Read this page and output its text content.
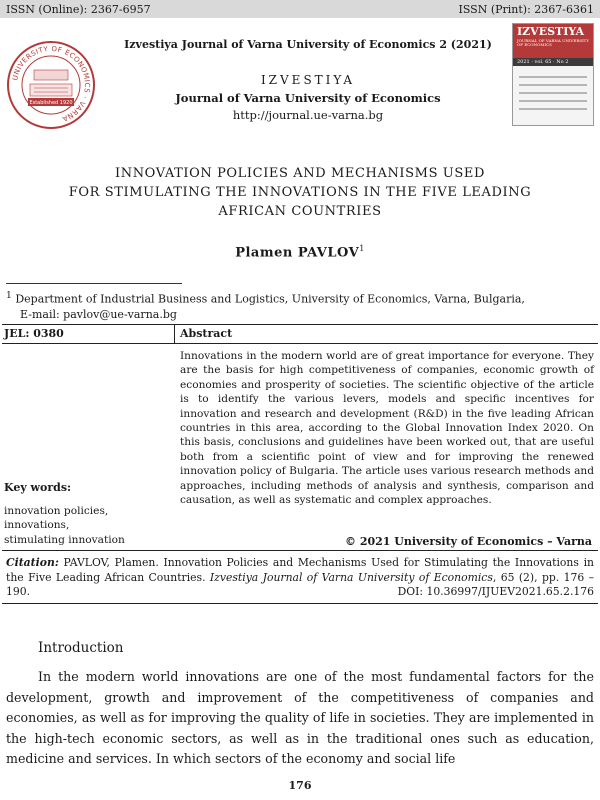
ISSN (Online): 2367-6957	ISSN (Print): 2367-6361
UNIVERSITY OF ECONOMICS · VARNA
Established 1920
IZVESTIYA
JOURNAL OF VARNA UNIVERSITY OF ECONOMICS
2021 · vol. 65 · No 2
Izvestiya Journal of Varna University of Economics 2 (2021)
IZVESTIYA
Journal of Varna University of Economics
http://journal.ue-varna.bg
INNOVATION POLICIES AND MECHANISMS USED
FOR STIMULATING THE INNOVATIONS IN THE FIVE LEADING
AFRICAN COUNTRIES
Plamen PAVLOV$^1$
$^1$ Department of Industrial Business and Logistics, University of Economics, Varna, Bulgaria,
E-mail: pavlov@ue-varna.bg
JEL: 0380	Abstract
Innovations in the modern world are of great importance for everyone. They are the basis for high competitiveness of companies, economic growth of economies and prosperity of societies. The scientific objective of the article is to identify the various levers, models and specific incentives for innovation and research and development (R&D) in the five leading African countries in this area, according to the Global Innovation Index 2020. On this basis, conclusions and guidelines have been worked out, that are useful both from a scientific point of view and for improving the renewed innovation policy of Bulgaria. The article uses various research methods and approaches, including methods of analysis and synthesis, comparison and causation, as well as systematic and complex approaches.
Key words:
innovation policies,
innovations,
stimulating innovation	© 2021 University of Economics – Varna
Citation: PAVLOV, Plamen. Innovation Policies and Mechanisms Used for Stimulating the Innovations in the Five Leading African Countries. Izvestiya Journal of Varna University of Economics, 65 (2), pp. 176 – 190.	DOI: 10.36997/IJUEV2021.65.2.176
Introduction
In the modern world innovations are one of the most fundamental factors for the development, growth and improvement of the competitiveness of companies and economies, as well as for improving the quality of life in societies. They are implemented in the high-tech economic sectors, as well as in the traditional ones such as education, medicine and services. In which sectors of the economy and social life
176
